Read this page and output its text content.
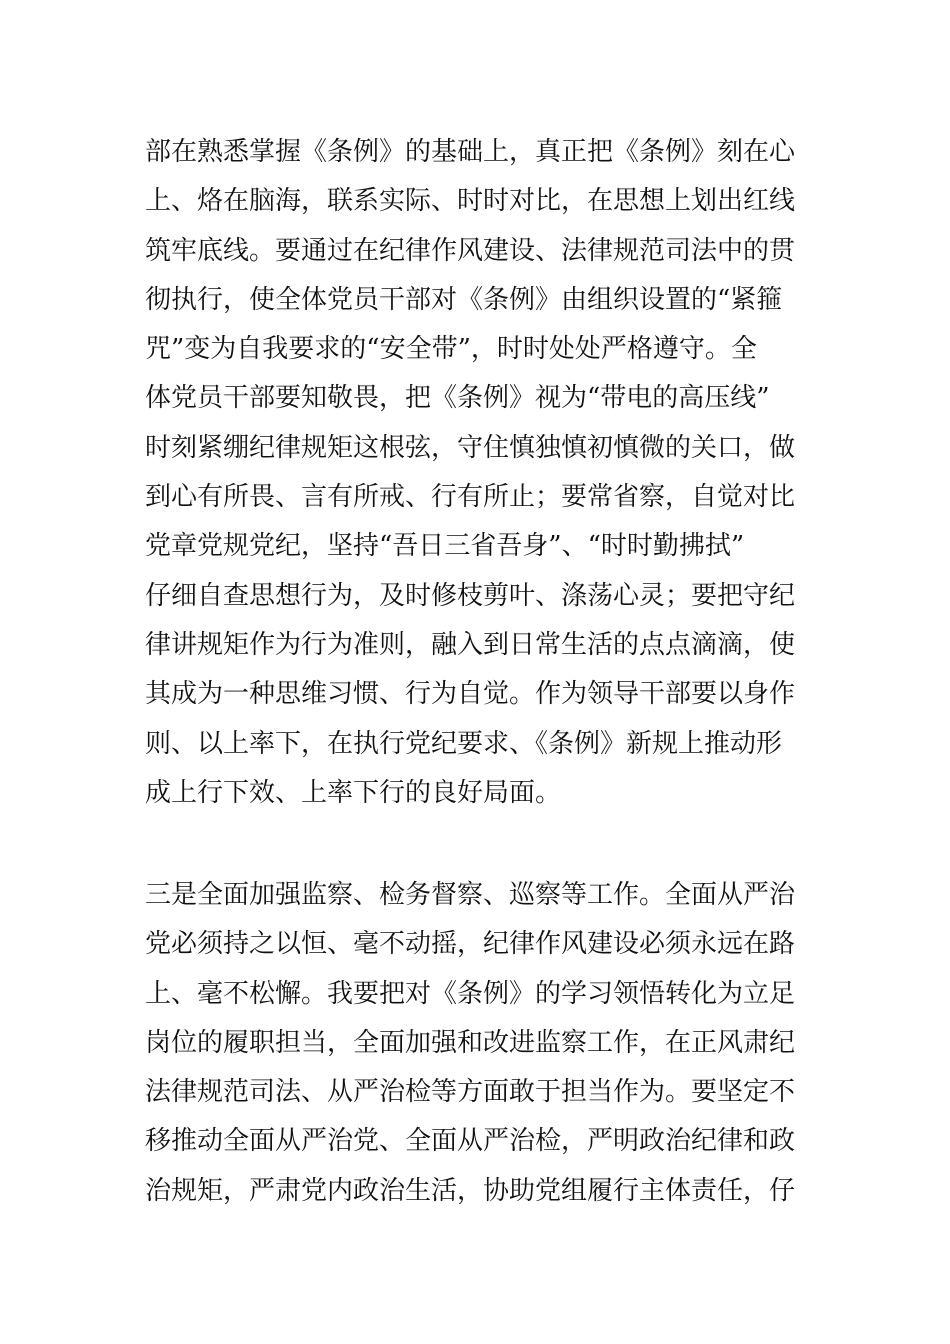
部在熟悉掌握《条例》的基础上，真正把《条例》刻在心
上、烙在脑海，联系实际、时时对比，在思想上划出红线
筑牢底线。要通过在纪律作风建设、法律规范司法中的贯
彻执行，使全体党员干部对《条例》由组织设置的“紧箍
咒”变为自我要求的“安全带”，时时处处严格遵守。全
体党员干部要知敬畏，把《条例》视为“带电的高压线”
时刻紧绷纪律规矩这根弦，守住慎独慎初慎微的关口，做
到心有所畏、言有所戒、行有所止；要常省察，自觉对比
党章党规党纪，坚持“吾日三省吾身”、“时时勤拂拭”
仔细自查思想行为，及时修枝剪叶、涤荡心灵；要把守纪
律讲规矩作为行为准则，融入到日常生活的点点滴滴，使
其成为一种思维习惯、行为自觉。作为领导干部要以身作
则、以上率下，在执行党纪要求、《条例》新规上推动形
成上行下效、上率下行的良好局面。
三是全面加强监察、检务督察、巡察等工作。全面从严治
党必须持之以恒、毫不动摇，纪律作风建设必须永远在路
上、毫不松懈。我要把对《条例》的学习领悟转化为立足
岗位的履职担当，全面加强和改进监察工作，在正风肃纪
法律规范司法、从严治检等方面敢于担当作为。要坚定不
移推动全面从严治党、全面从严治检，严明政治纪律和政
治规矩，严肃党内政治生活，协助党组履行主体责任，仔
